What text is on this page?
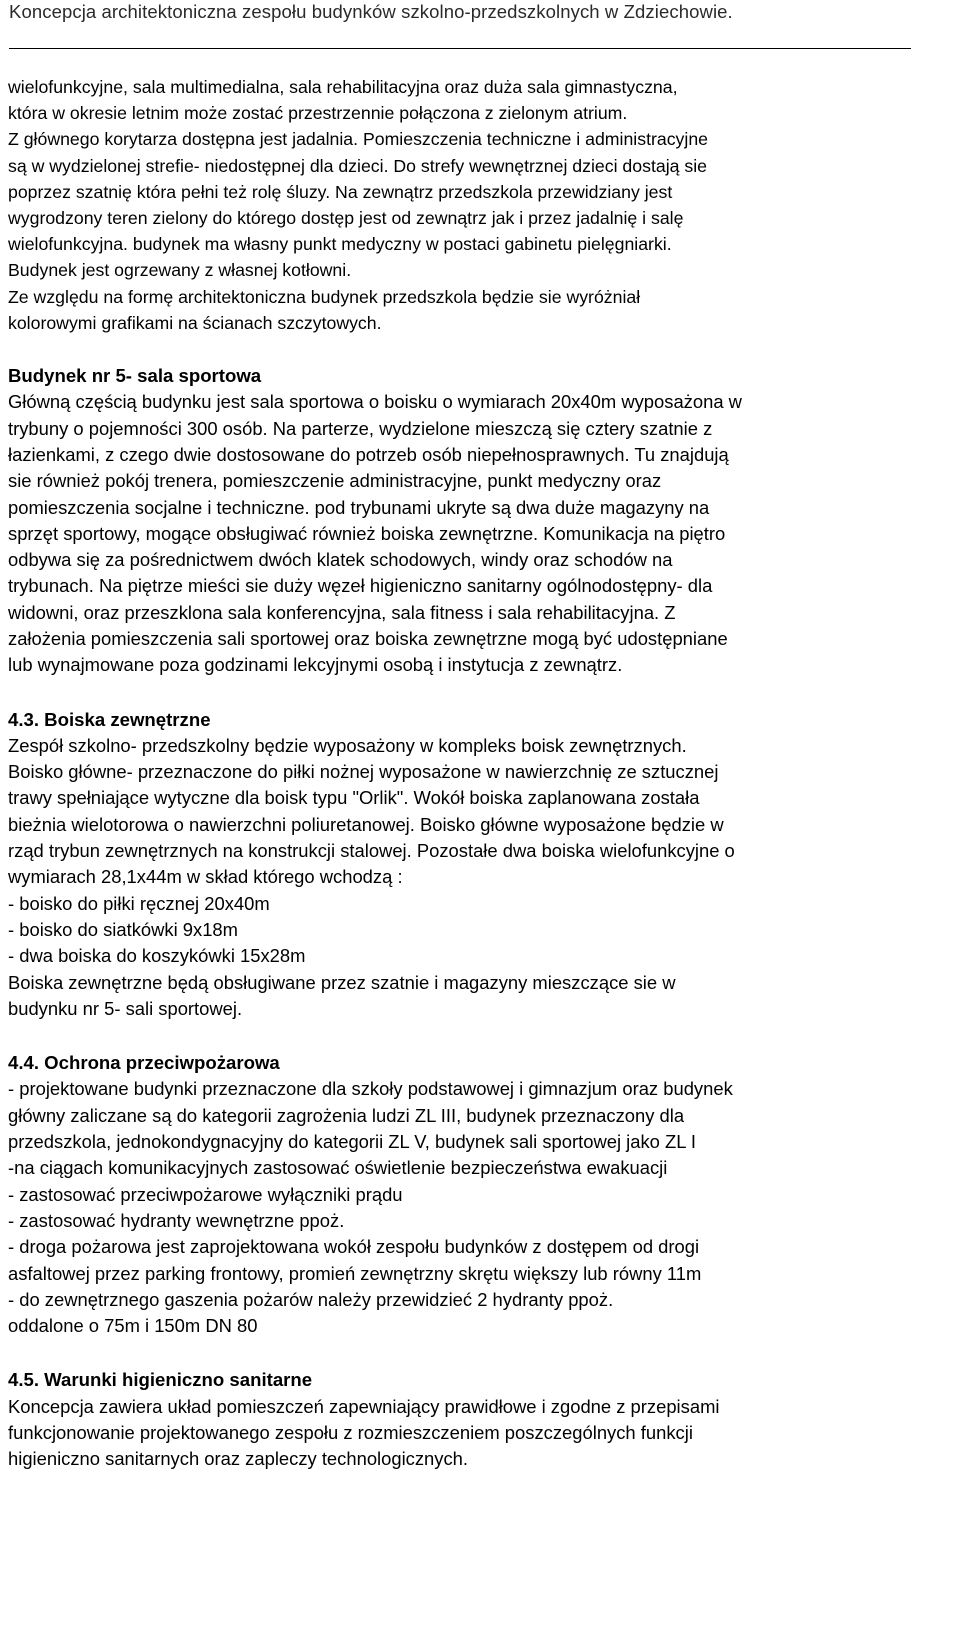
Koncepcja architektoniczna zespołu budynków szkolno-przedszkolnych w Zdziechowie.
wielofunkcyjne, sala multimedialna, sala rehabilitacyjna oraz duża sala gimnastyczna,
która w okresie letnim może zostać przestrzennie połączona z zielonym atrium.
Z głównego korytarza dostępna jest jadalnia. Pomieszczenia techniczne i administracyjne
są w wydzielonej strefie- niedostępnej dla dzieci. Do strefy wewnętrznej dzieci dostają sie
poprzez szatnię która pełni też rolę śluzy. Na zewnątrz przedszkola przewidziany jest
wygrodzony teren zielony do którego dostęp jest od zewnątrz jak i przez jadalnię i salę
wielofunkcyjna. budynek ma własny punkt medyczny w postaci gabinetu pielęgniarki.
Budynek jest ogrzewany z własnej kotłowni.
Ze względu na formę architektoniczna budynek przedszkola będzie sie wyróżniał
kolorowymi grafikami na ścianach szczytowych.
Budynek nr 5- sala sportowa
Główną częścią budynku jest sala sportowa o boisku o wymiarach 20x40m wyposażona w
trybuny o pojemności 300 osób. Na parterze, wydzielone mieszczą się cztery szatnie z
łazienkami, z czego dwie dostosowane do potrzeb osób niepełnosprawnych. Tu znajdują
sie również pokój trenera, pomieszczenie administracyjne, punkt medyczny oraz
pomieszczenia socjalne i techniczne. pod trybunami ukryte są dwa duże magazyny na
sprzęt sportowy, mogące obsługiwać również boiska zewnętrzne. Komunikacja na piętro
odbywa się za pośrednictwem dwóch klatek schodowych, windy oraz schodów na
trybunach. Na piętrze mieści sie duży węzeł higieniczno sanitarny ogólnodostępny- dla
widowni, oraz przeszklona sala konferencyjna, sala fitness i sala rehabilitacyjna. Z
założenia pomieszczenia sali sportowej oraz boiska zewnętrzne mogą być udostępniane
lub wynajmowane poza godzinami lekcyjnymi osobą i instytucja z zewnątrz.
4.3. Boiska zewnętrzne
Zespół szkolno- przedszkolny będzie wyposażony w kompleks boisk zewnętrznych.
Boisko główne- przeznaczone do piłki nożnej wyposażone w nawierzchnię ze sztucznej
trawy spełniające wytyczne dla boisk typu "Orlik". Wokół boiska zaplanowana została
bieżnia wielotorowa o nawierzchni poliuretanowej. Boisko główne wyposażone będzie w
rząd trybun zewnętrznych na konstrukcji stalowej. Pozostałe dwa boiska wielofunkcyjne o
wymiarach 28,1x44m w skład którego wchodzą :
- boisko do piłki ręcznej 20x40m
- boisko do siatkówki 9x18m
- dwa boiska do koszykówki 15x28m
Boiska zewnętrzne będą obsługiwane przez szatnie i magazyny mieszczące sie w
budynku nr 5- sali sportowej.
4.4. Ochrona przeciwpożarowa
- projektowane budynki przeznaczone dla szkoły podstawowej i gimnazjum oraz budynek
główny zaliczane są do kategorii zagrożenia ludzi ZL III, budynek przeznaczony dla
przedszkola, jednokondygnacyjny do kategorii ZL V, budynek sali sportowej jako ZL I
-na ciągach komunikacyjnych zastosować oświetlenie bezpieczeństwa ewakuacji
- zastosować przeciwpożarowe wyłączniki prądu
- zastosować hydranty wewnętrzne ppoż.
- droga pożarowa jest zaprojektowana wokół zespołu budynków z dostępem od drogi
asfaltowej przez parking frontowy, promień zewnętrzny skrętu większy lub równy 11m
- do zewnętrznego gaszenia pożarów należy przewidzieć 2 hydranty ppoż.
oddalone o 75m i 150m DN 80
4.5. Warunki higieniczno sanitarne
Koncepcja zawiera układ pomieszczeń zapewniający prawidłowe i zgodne z przepisami
funkcjonowanie projektowanego zespołu z rozmieszczeniem poszczególnych funkcji
higieniczno sanitarnych oraz zapleczy technologicznych.
